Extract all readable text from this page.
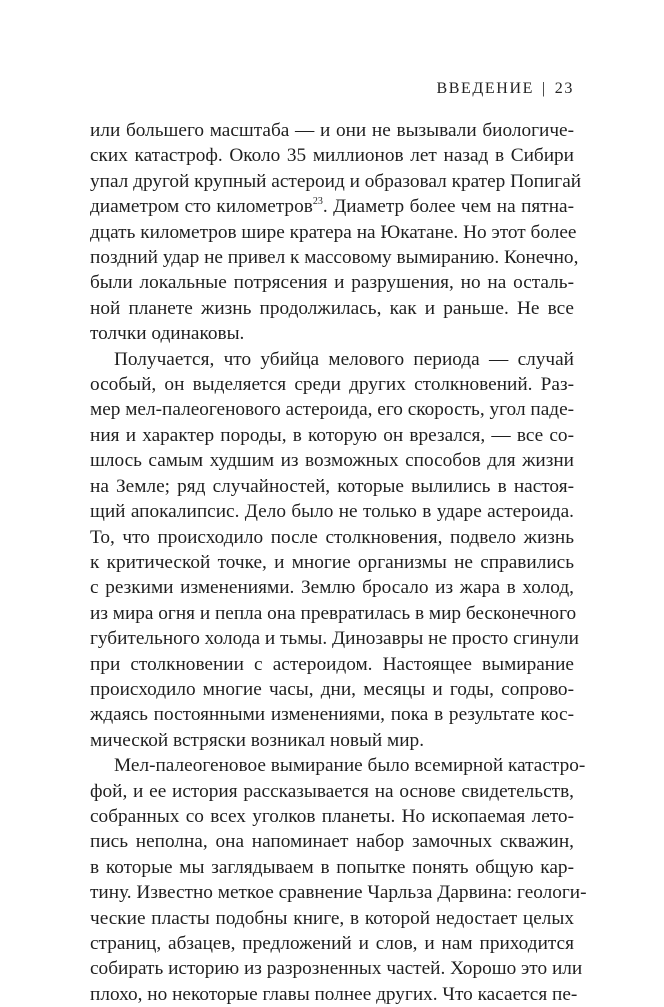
ВВЕДЕНИЕ | 23
или большего масштаба — и они не вызывали биологиче-
ских катастроф. Около 35 миллионов лет назад в Сибири
упал другой крупный астероид и образовал кратер Попигай
диаметром сто километров$^{23}$. Диаметр более чем на пятна-
дцать километров шире кратера на Юкатане. Но этот более
поздний удар не привел к массовому вымиранию. Конечно,
были локальные потрясения и разрушения, но на осталь-
ной планете жизнь продолжилась, как и раньше. Не все
толчки одинаковы.
Получается, что убийца мелового периода — случай
особый, он выделяется среди других столкновений. Раз-
мер мел-палеогенового астероида, его скорость, угол паде-
ния и характер породы, в которую он врезался, — все со-
шлось самым худшим из возможных способов для жизни
на Земле; ряд случайностей, которые вылились в настоя-
щий апокалипсис. Дело было не только в ударе астероида.
То, что происходило после столкновения, подвело жизнь
к критической точке, и многие организмы не справились
с резкими изменениями. Землю бросало из жара в холод,
из мира огня и пепла она превратилась в мир бесконечного
губительного холода и тьмы. Динозавры не просто сгинули
при столкновении с астероидом. Настоящее вымирание
происходило многие часы, дни, месяцы и годы, сопрово-
ждаясь постоянными изменениями, пока в результате кос-
мической встряски возникал новый мир.
Мел-палеогеновое вымирание было всемирной катастро-
фой, и ее история рассказывается на основе свидетельств,
собранных со всех уголков планеты. Но ископаемая лето-
пись неполна, она напоминает набор замочных скважин,
в которые мы заглядываем в попытке понять общую кар-
тину. Известно меткое сравнение Чарльза Дарвина: геологи-
ческие пласты подобны книге, в которой недостает целых
страниц, абзацев, предложений и слов, и нам приходится
собирать историю из разрозненных частей. Хорошо это или
плохо, но некоторые главы полнее других. Что касается пе-
